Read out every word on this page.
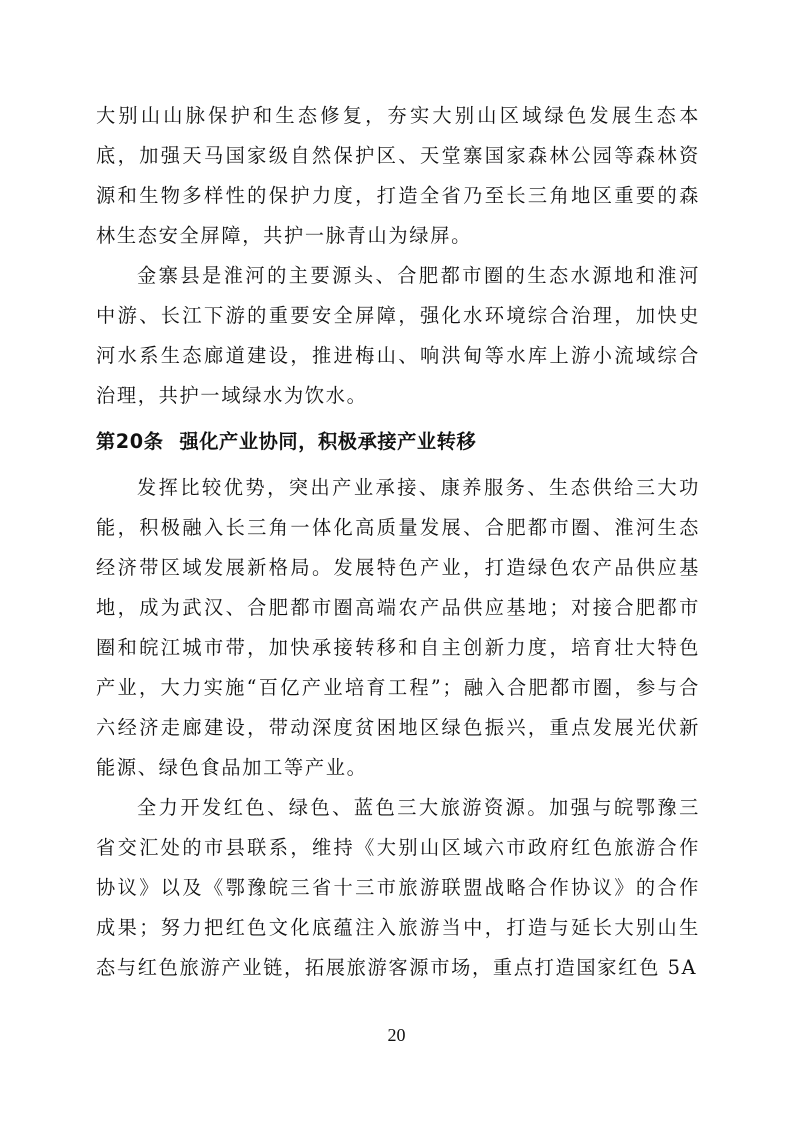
大别山山脉保护和生态修复，夯实大别山区域绿色发展生态本底，加强天马国家级自然保护区、天堂寨国家森林公园等森林资源和生物多样性的保护力度，打造全省乃至长三角地区重要的森林生态安全屏障，共护一脉青山为绿屏。

金寨县是淮河的主要源头、合肥都市圈的生态水源地和淮河中游、长江下游的重要安全屏障，强化水环境综合治理，加快史河水系生态廊道建设，推进梅山、响洪甸等水库上游小流域综合治理，共护一域绿水为饮水。

第20条 强化产业协同，积极承接产业转移

发挥比较优势，突出产业承接、康养服务、生态供给三大功能，积极融入长三角一体化高质量发展、合肥都市圈、淮河生态经济带区域发展新格局。发展特色产业，打造绿色农产品供应基地，成为武汉、合肥都市圈高端农产品供应基地；对接合肥都市圈和皖江城市带，加快承接转移和自主创新力度，培育壮大特色产业，大力实施“百亿产业培育工程”；融入合肥都市圈，参与合六经济走廊建设，带动深度贫困地区绿色振兴，重点发展光伏新能源、绿色食品加工等产业。

全力开发红色、绿色、蓝色三大旅游资源。加强与皖鄂豫三省交汇处的市县联系，维持《大别山区域六市政府红色旅游合作协议》以及《鄂豫皖三省十三市旅游联盟战略合作协议》的合作成果；努力把红色文化底蕴注入旅游当中，打造与延长大别山生态与红色旅游产业链，拓展旅游客源市场，重点打造国家红色 5A

20
